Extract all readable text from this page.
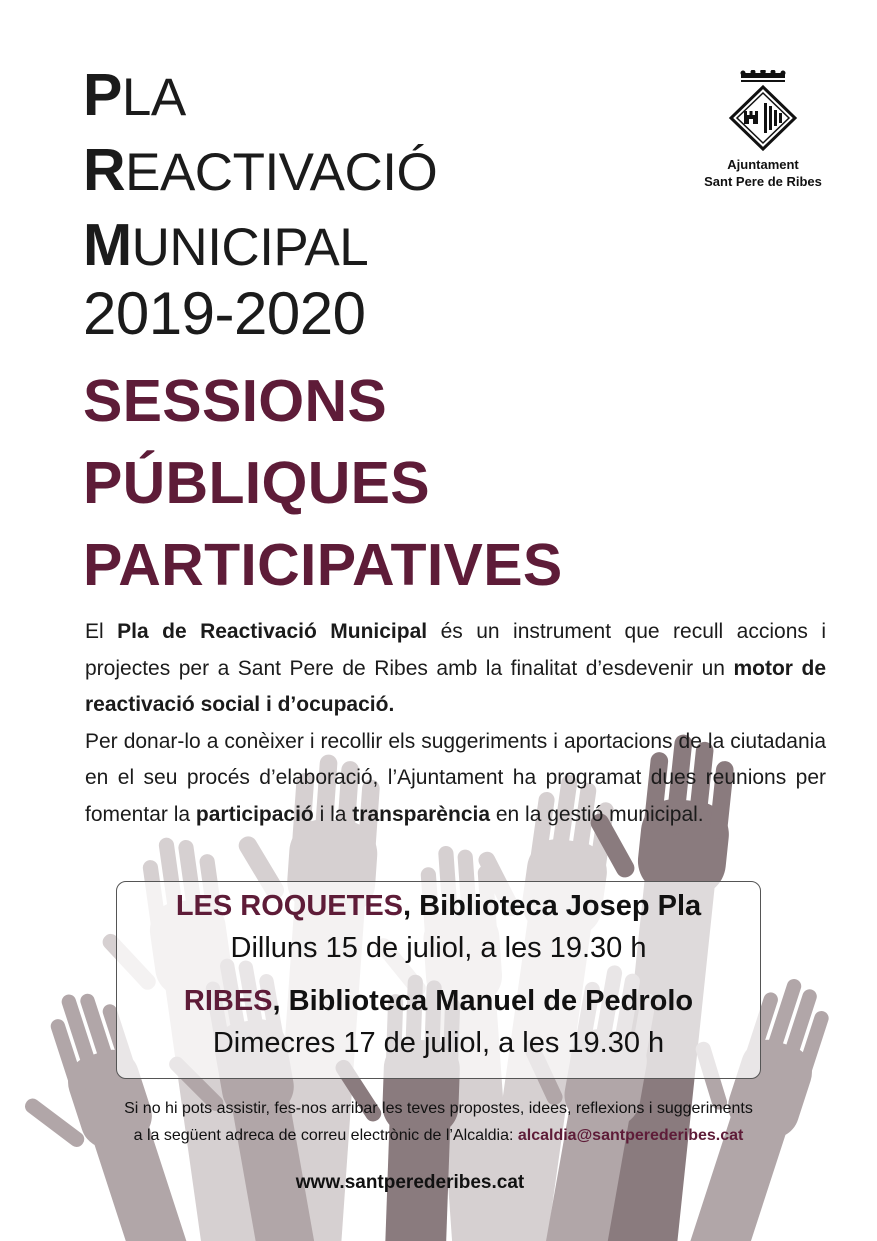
PLA
REACTIVACIÓ
MUNICIPAL
2019-2020
SESSIONS
PÚBLIQUES
PARTICIPATIVES
Ajuntament
Sant Pere de Ribes

El Pla de Reactivació Municipal és un instrument que recull accions i projectes per a Sant Pere de Ribes amb la finalitat d’esdevenir un motor de reactivació social i d’ocupació.

Per donar-lo a conèixer i recollir els suggeriments i aportacions de la ciutadania en el seu procés d’elaboració, l’Ajuntament ha programat dues reunions per fomentar la participació i la transparència en la gestió municipal.

LES ROQUETES, Biblioteca Josep Pla
Dilluns 15 de juliol, a les 19.30 h
RIBES, Biblioteca Manuel de Pedrolo
Dimecres 17 de juliol, a les 19.30 h
Si no hi pots assistir, fes-nos arribar les teves propostes, idees, reflexions i suggeriments
a la següent adreca de correu electrònic de l’Alcaldia: alcaldia@santperederibes.cat
www.santperederibes.cat
